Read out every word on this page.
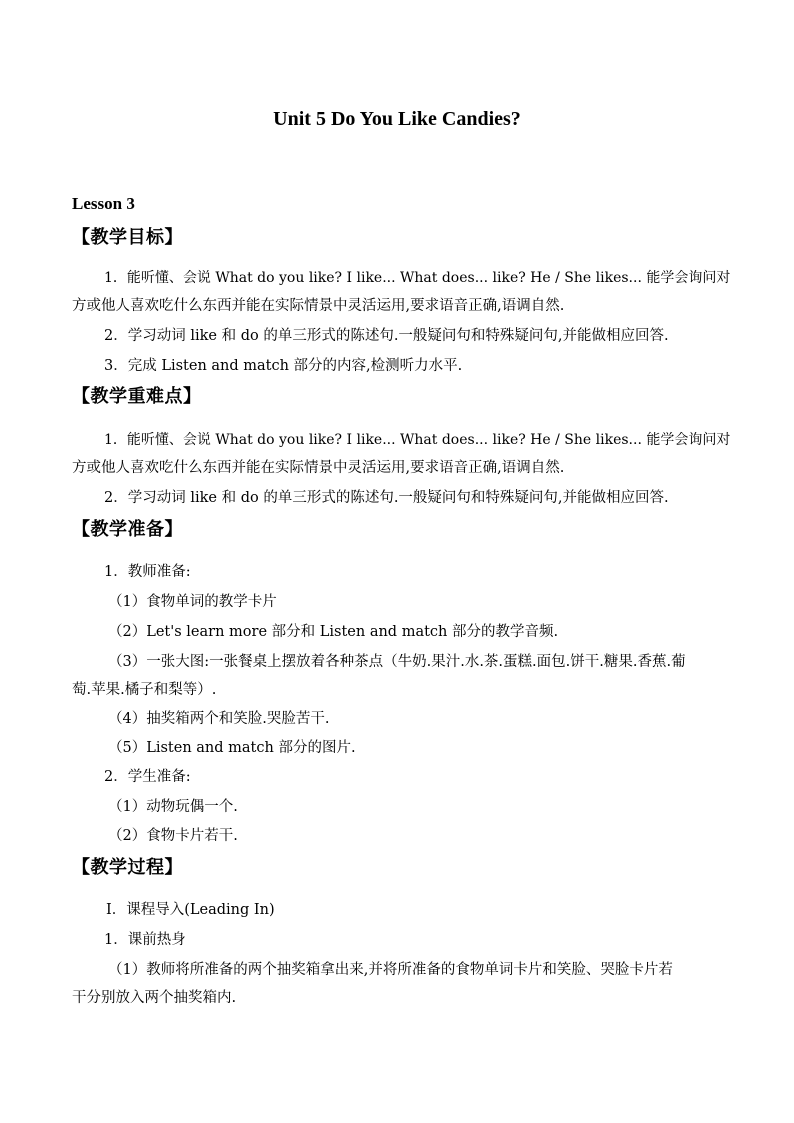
Unit 5 Do You Like Candies?
Lesson 3
【教学目标】
1．能听懂、会说 What do you like? I like... What does... like? He / She likes... 能学会询问对
方或他人喜欢吃什么东西并能在实际情景中灵活运用,要求语音正确,语调自然.
2．学习动词 like 和 do 的单三形式的陈述句.一般疑问句和特殊疑问句,并能做相应回答.
3．完成 Listen and match 部分的内容,检测听力水平.
【教学重难点】
1．能听懂、会说 What do you like? I like... What does... like? He / She likes... 能学会询问对
方或他人喜欢吃什么东西并能在实际情景中灵活运用,要求语音正确,语调自然.
2．学习动词 like 和 do 的单三形式的陈述句.一般疑问句和特殊疑问句,并能做相应回答.
【教学准备】
1．教师准备:
（1）食物单词的教学卡片
（2）Let's learn more 部分和 Listen and match 部分的教学音频.
（3）一张大图:一张餐桌上摆放着各种茶点（牛奶.果汁.水.茶.蛋糕.面包.饼干.糖果.香蕉.葡
萄.苹果.橘子和梨等）.
（4）抽奖箱两个和笑脸.哭脸苦干.
（5）Listen and match 部分的图片.
2．学生准备:
（1）动物玩偶一个.
（2）食物卡片若干.
【教学过程】
Ⅰ．课程导入(Leading In)
1．课前热身
（1）教师将所准备的两个抽奖箱拿出来,并将所准备的食物单词卡片和笑脸、哭脸卡片若
干分别放入两个抽奖箱内.
